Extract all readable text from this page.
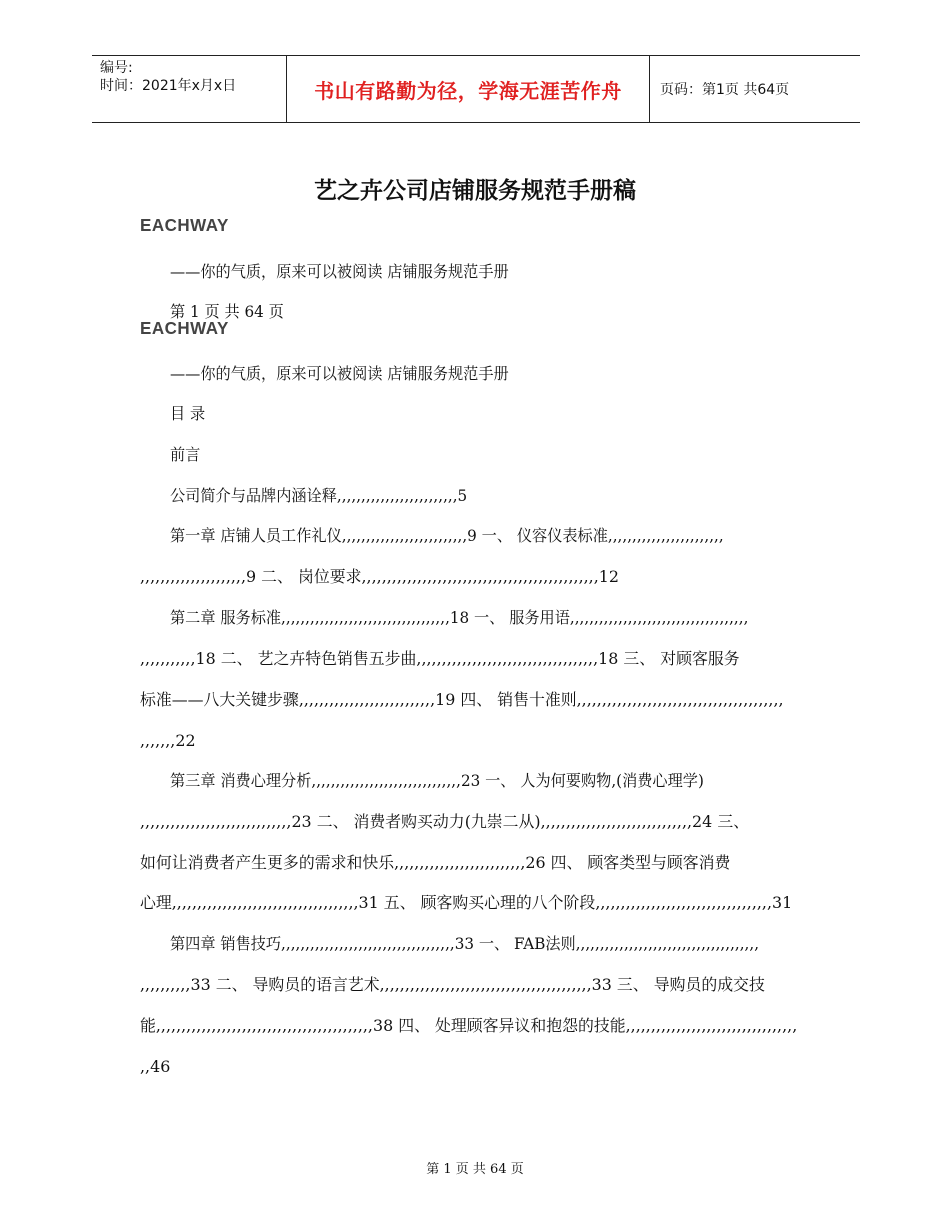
编号:
时间：2021年x月x日	书山有路勤为径，学海无涯苦作舟	页码：第1页 共64页
艺之卉公司店铺服务规范手册稿
EACHWAY
——你的气质，原来可以被阅读 店铺服务规范手册
第 1 页 共 64 页
EACHWAY
——你的气质，原来可以被阅读 店铺服务规范手册
目 录
前言
公司简介与品牌内涵诠释,,,,,,,,,,,,,,,,,,,,,,,,,5
第一章 店铺人员工作礼仪,,,,,,,,,,,,,,,,,,,,,,,,,,9 一、 仪容仪表标准,,,,,,,,,,,,,,,,,,,,,,,,
,,,,,,,,,,,,,,,,,,,,,9 二、 岗位要求,,,,,,,,,,,,,,,,,,,,,,,,,,,,,,,,,,,,,,,,,,,,,,,12
第二章 服务标准,,,,,,,,,,,,,,,,,,,,,,,,,,,,,,,,,,,18 一、 服务用语,,,,,,,,,,,,,,,,,,,,,,,,,,,,,,,,,,,,,
,,,,,,,,,,,18 二、 艺之卉特色销售五步曲,,,,,,,,,,,,,,,,,,,,,,,,,,,,,,,,,,,,18 三、 对顾客服务
标准——八大关键步骤,,,,,,,,,,,,,,,,,,,,,,,,,,,19 四、 销售十准则,,,,,,,,,,,,,,,,,,,,,,,,,,,,,,,,,,,,,,,,,
,,,,,,,22
第三章 消费心理分析,,,,,,,,,,,,,,,,,,,,,,,,,,,,,,,23 一、 人为何要购物,(消费心理学)
,,,,,,,,,,,,,,,,,,,,,,,,,,,,,,23 二、 消费者购买动力(九崇二从),,,,,,,,,,,,,,,,,,,,,,,,,,,,,,24 三、
如何让消费者产生更多的需求和快乐,,,,,,,,,,,,,,,,,,,,,,,,,,26 四、 顾客类型与顾客消费
心理,,,,,,,,,,,,,,,,,,,,,,,,,,,,,,,,,,,,,31 五、 顾客购买心理的八个阶段,,,,,,,,,,,,,,,,,,,,,,,,,,,,,,,,,,,31
第四章 销售技巧,,,,,,,,,,,,,,,,,,,,,,,,,,,,,,,,,,,,33 一、 FAB法则,,,,,,,,,,,,,,,,,,,,,,,,,,,,,,,,,,,,,,
,,,,,,,,,,33 二、 导购员的语言艺术,,,,,,,,,,,,,,,,,,,,,,,,,,,,,,,,,,,,,,,,,,33 三、 导购员的成交技
能,,,,,,,,,,,,,,,,,,,,,,,,,,,,,,,,,,,,,,,,,,,38 四、 处理顾客异议和抱怨的技能,,,,,,,,,,,,,,,,,,,,,,,,,,,,,,,,,,
,,46
第 1 页 共 64 页
